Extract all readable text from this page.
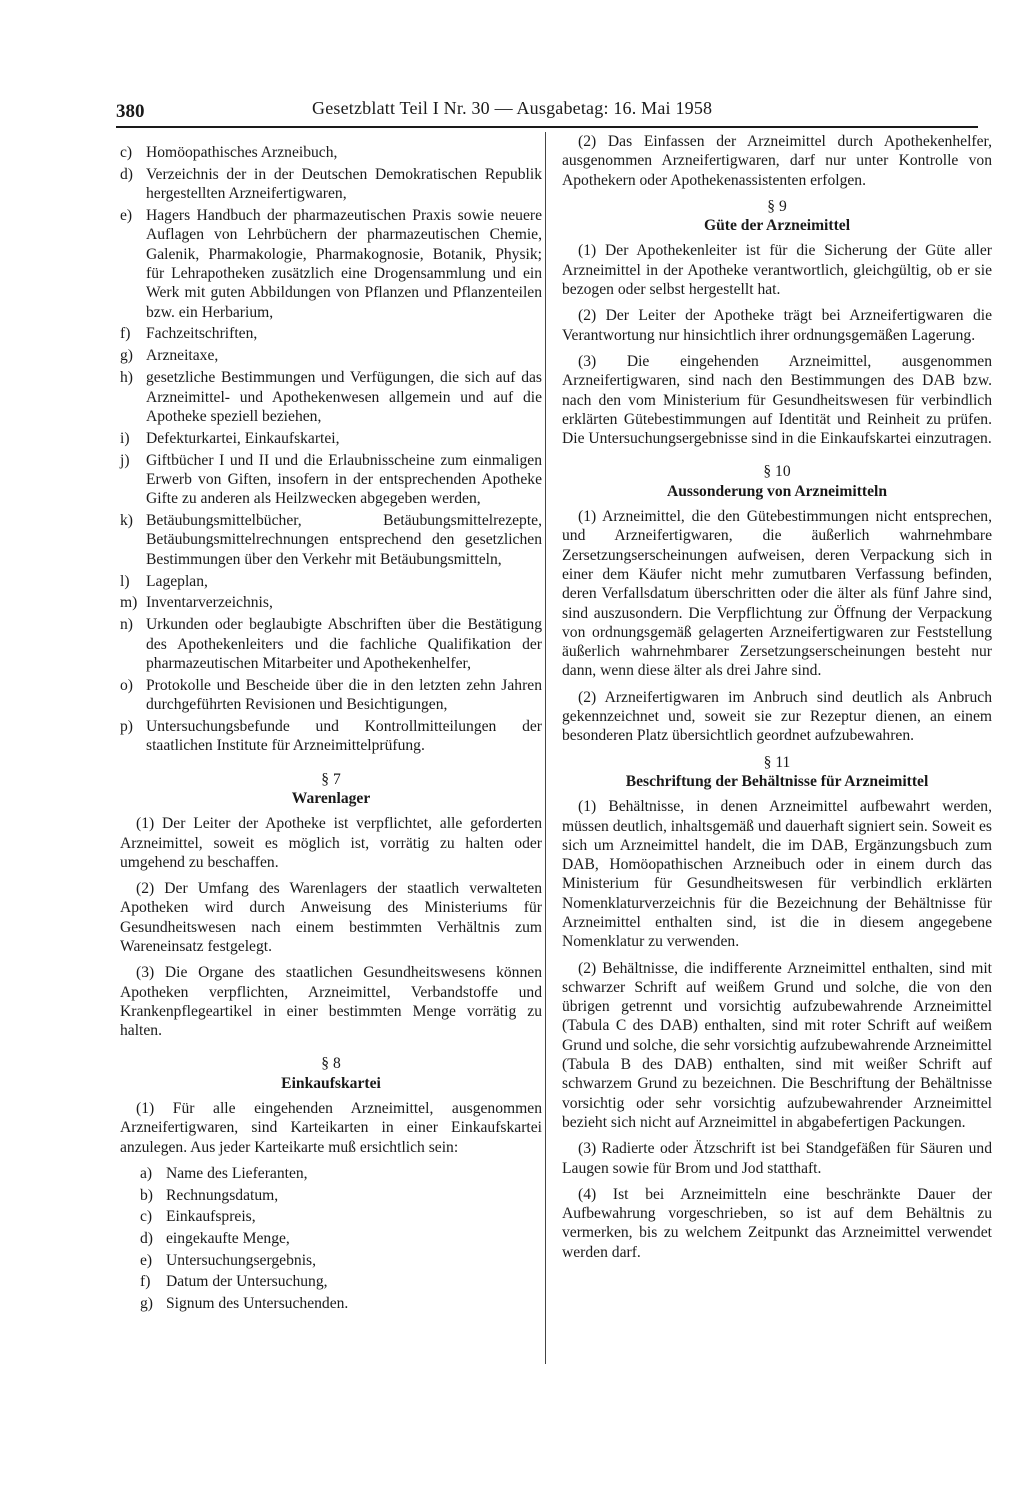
380	Gesetzblatt Teil I Nr. 30 — Ausgabetag: 16. Mai 1958
c) Homöopathisches Arzneibuch,
d) Verzeichnis der in der Deutschen Demokratischen Republik hergestellten Arzneifertigwaren,
e) Hagers Handbuch der pharmazeutischen Praxis sowie neuere Auflagen von Lehrbüchern der pharmazeutischen Chemie, Galenik, Pharmakologie, Pharmakognosie, Botanik, Physik; für Lehrapotheken zusätzlich eine Drogensammlung und ein Werk mit guten Abbildungen von Pflanzen und Pflanzenteilen bzw. ein Herbarium,
f)	Fachzeitschriften,
g) Arzneitaxe,
h) gesetzliche Bestimmungen und Verfügungen, die sich auf das Arzneimittel- und Apothekenwesen allgemein und auf die Apotheke speziell beziehen,
i)	Defekturkartei, Einkaufskartei,
j)	Giftbücher I und II und die Erlaubnisscheine zum einmaligen Erwerb von Giften, insofern in der entsprechenden Apotheke Gifte zu anderen als Heilzwecken abgegeben werden,
k) Betäubungsmittelbücher, Betäubungsmittelrezepte, Betäubungsmittelrechnungen entsprechend den gesetzlichen Bestimmungen über den Verkehr mit Betäubungsmitteln,
l)	Lageplan,
m) Inventarverzeichnis,
n) Urkunden oder beglaubigte Abschriften über die Bestätigung des Apothekenleiters und die fachliche Qualifikation der pharmazeutischen Mitarbeiter und Apothekenhelfer,
o) Protokolle und Bescheide über die in den letzten zehn Jahren durchgeführten Revisionen und Besichtigungen,
p) Untersuchungsbefunde und Kontrollmitteilungen der staatlichen Institute für Arzneimittelprüfung.
§ 7
Warenlager

(1) Der Leiter der Apotheke ist verpflichtet, alle geforderten Arzneimittel, soweit es möglich ist, vorrätig zu halten oder umgehend zu beschaffen.

(2) Der Umfang des Warenlagers der staatlich verwalteten Apotheken wird durch Anweisung des Ministeriums für Gesundheitswesen nach einem bestimmten Verhältnis zum Wareneinsatz festgelegt.

(3) Die Organe des staatlichen Gesundheitswesens können Apotheken verpflichten, Arzneimittel, Verbandstoffe und Krankenpflegeartikel in einer bestimmten Menge vorrätig zu halten.

§ 8
Einkaufskartei

(1) Für alle eingehenden Arzneimittel, ausgenommen Arzneifertigwaren, sind Karteikarten in einer Einkaufskartei anzulegen. Aus jeder Karteikarte muß ersichtlich sein:

a) Name des Lieferanten,
b) Rechnungsdatum,
c) Einkaufspreis,
d) eingekaufte Menge,
e) Untersuchungsergebnis,
f)	Datum der Untersuchung,
g) Signum des Untersuchenden.

(2) Das Einfassen der Arzneimittel durch Apothekenhelfer, ausgenommen Arzneifertigwaren, darf nur unter Kontrolle von Apothekern oder Apothekenassistenten erfolgen.

§ 9
Güte der Arzneimittel

(1) Der Apothekenleiter ist für die Sicherung der Güte aller Arzneimittel in der Apotheke verantwortlich, gleichgültig, ob er sie bezogen oder selbst hergestellt hat.

(2) Der Leiter der Apotheke trägt bei Arzneifertigwaren die Verantwortung nur hinsichtlich ihrer ordnungsgemäßen Lagerung.

(3) Die eingehenden Arzneimittel, ausgenommen Arzneifertigwaren, sind nach den Bestimmungen des DAB bzw. nach den vom Ministerium für Gesundheitswesen für verbindlich erklärten Gütebestimmungen auf Identität und Reinheit zu prüfen. Die Untersuchungsergebnisse sind in die Einkaufskartei einzutragen.

§ 10
Aussonderung von Arzneimitteln

(1) Arzneimittel, die den Gütebestimmungen nicht entsprechen, und Arzneifertigwaren, die äußerlich wahrnehmbare Zersetzungserscheinungen aufweisen, deren Verpackung sich in einer dem Käufer nicht mehr zumutbaren Verfassung befinden, deren Verfallsdatum überschritten oder die älter als fünf Jahre sind, sind auszusondern. Die Verpflichtung zur Öffnung der Verpackung von ordnungsgemäß gelagerten Arzneifertigwaren zur Feststellung äußerlich wahrnehmbarer Zersetzungserscheinungen besteht nur dann, wenn diese älter als drei Jahre sind.

(2) Arzneifertigwaren im Anbruch sind deutlich als Anbruch gekennzeichnet und, soweit sie zur Rezeptur dienen, an einem besonderen Platz übersichtlich geordnet aufzubewahren.

§ 11
Beschriftung der Behältnisse für Arzneimittel

(1) Behältnisse, in denen Arzneimittel aufbewahrt werden, müssen deutlich, inhaltsgemäß und dauerhaft signiert sein. Soweit es sich um Arzneimittel handelt, die im DAB, Ergänzungsbuch zum DAB, Homöopathischen Arzneibuch oder in einem durch das Ministerium für Gesundheitswesen für verbindlich erklärten Nomenklaturverzeichnis für die Bezeichnung der Behältnisse für Arzneimittel enthalten sind, ist die in diesem angegebene Nomenklatur zu verwenden.

(2) Behältnisse, die indifferente Arzneimittel enthalten, sind mit schwarzer Schrift auf weißem Grund und solche, die von den übrigen getrennt und vorsichtig aufzubewahrende Arzneimittel (Tabula C des DAB) enthalten, sind mit roter Schrift auf weißem Grund und solche, die sehr vorsichtig aufzubewahrende Arzneimittel (Tabula B des DAB) enthalten, sind mit weißer Schrift auf schwarzem Grund zu bezeichnen. Die Beschriftung der Behältnisse vorsichtig oder sehr vorsichtig aufzubewahrender Arzneimittel bezieht sich nicht auf Arzneimittel in abgabefertigen Packungen.

(3) Radierte oder Ätzschrift ist bei Standgefäßen für Säuren und Laugen sowie für Brom und Jod statthaft.

(4) Ist bei Arzneimitteln eine beschränkte Dauer der Aufbewahrung vorgeschrieben, so ist auf dem Behältnis zu vermerken, bis zu welchem Zeitpunkt das Arzneimittel verwendet werden darf.
